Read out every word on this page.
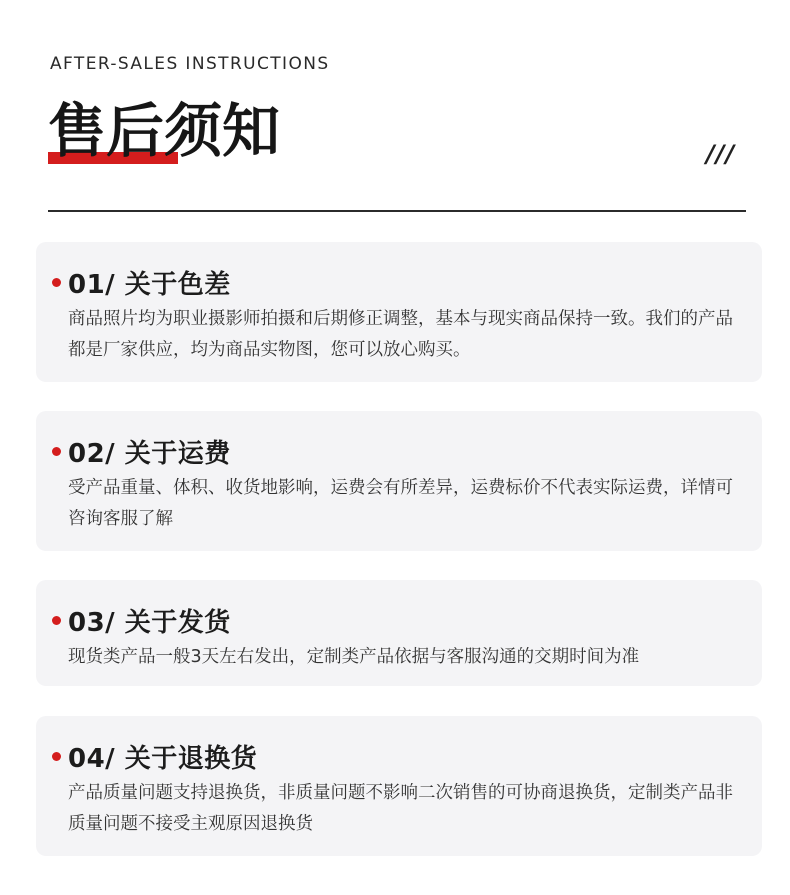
AFTER-SALES INSTRUCTIONS
售后须知	///
01/ 关于色差
商品照片均为职业摄影师拍摄和后期修正调整，基本与现实商品保持一致。我们的产品都是厂家供应，均为商品实物图，您可以放心购买。
02/ 关于运费
受产品重量、体积、收货地影响，运费会有所差异，运费标价不代表实际运费，详情可咨询客服了解
03/ 关于发货
现货类产品一般3天左右发出，定制类产品依据与客服沟通的交期时间为准
04/ 关于退换货
产品质量问题支持退换货，非质量问题不影响二次销售的可协商退换货，定制类产品非质量问题不接受主观原因退换货
